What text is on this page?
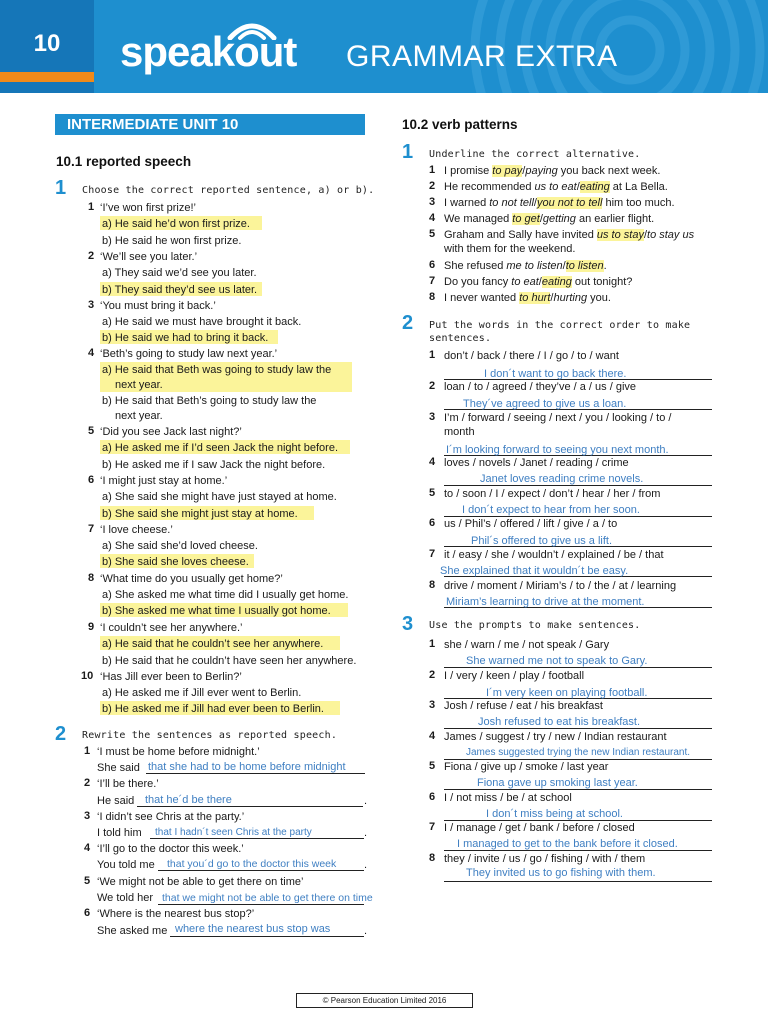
10	speakout GRAMMAR EXTRA
INTERMEDIATE UNIT 10
10.1 reported speech
1 Choose the correct reported sentence, a) or b).
1 ‘I’ve won first prize!’
a) He said he’d won first prize.
b) He said he won first prize.
2 ‘We’ll see you later.’
a) They said we’d see you later.
b) They said they’d see us later.
3 ‘You must bring it back.’
a) He said we must have brought it back.
b) He said we had to bring it back.
4 ‘Beth’s going to study law next year.’
a) He said that Beth was going to study law the
next year.
b) He said that Beth’s going to study law the
next year.
5 ‘Did you see Jack last night?’
a) He asked me if I’d seen Jack the night before.
b) He asked me if I saw Jack the night before.
6 ‘I might just stay at home.’
a) She said she might have just stayed at home.
b) She said she might just stay at home.
7 ‘I love cheese.’
a) She said she’d loved cheese.
b) She said she loves cheese.
8 ‘What time do you usually get home?’
a) She asked me what time did I usually get home.
b) She asked me what time I usually got home.
9 ‘I couldn’t see her anywhere.’
a) He said that he couldn’t see her anywhere.
b) He said that he couldn’t have seen her anywhere.
10 ‘Has Jill ever been to Berlin?’
a) He asked me if Jill ever went to Berlin.
b) He asked me if Jill had ever been to Berlin.
2 Rewrite the sentences as reported speech.
1 ‘I must be home before midnight.’
She said that she had to be home before midnight
2 ‘I’ll be there.’
He said that he´d be there	.
3 ‘I didn’t see Chris at the party.’
I told him that I hadn´t seen Chris at the party	.
4 ‘I’ll go to the doctor this week.’
You told me that you´d go to the doctor this week	.
5 ‘We might not be able to get there on time’
We told her that we might not be able to get there on time
6 ‘Where is the nearest bus stop?’
She asked me where the nearest bus stop was	.
10.2 verb patterns
1 Underline the correct alternative.
1 I promise to pay/paying you back next week.
2 He recommended us to eat/eating at La Bella.
3 I warned to not tell/you not to tell him too much.
4 We managed to get/getting an earlier flight.
5 Graham and Sally have invited us to stay/to stay us
with them for the weekend.
6 She refused me to listen/to listen.
7 Do you fancy to eat/eating out tonight?
8 I never wanted to hurt/hurting you.
2 Put the words in the correct order to make
sentences.
1 don’t / back / there / I / go / to / want
I don´t want to go back there.
2 loan / to / agreed / they’ve / a / us / give
They´ve agreed to give us a loan.
3 I’m / forward / seeing / next / you / looking / to /
month
I´m looking forward to seeing you next month.
4 loves / novels / Janet / reading / crime
Janet loves reading crime novels.
5 to / soon / I / expect / don’t / hear / her / from
I don´t expect to hear from her soon.
6 us / Phil’s / offered / lift / give / a / to
Phil´s offered to give us a lift.
7 it / easy / she / wouldn’t / explained / be / that
She explained that it wouldn´t be easy.
8 drive / moment / Miriam’s / to / the / at / learning
Miriam’s learning to drive at the moment.
3 Use the prompts to make sentences.
1 she / warn / me / not speak / Gary
She warned me not to speak to Gary.
2 I / very / keen / play / football
I´m very keen on playing football.
3 Josh / refuse / eat / his breakfast
Josh refused to eat his breakfast.
4 James / suggest / try / new / Indian restaurant
James suggested trying the new Indian restaurant.
5 Fiona / give up / smoke / last year
Fiona gave up smoking last year.
6 I / not miss / be / at school
I don´t miss being at school.
7 I / manage / get / bank / before / closed
I managed to get to the bank before it closed.
8 they / invite / us / go / fishing / with / them
They invited us to go fishing with them.
© Pearson Education Limited 2016
